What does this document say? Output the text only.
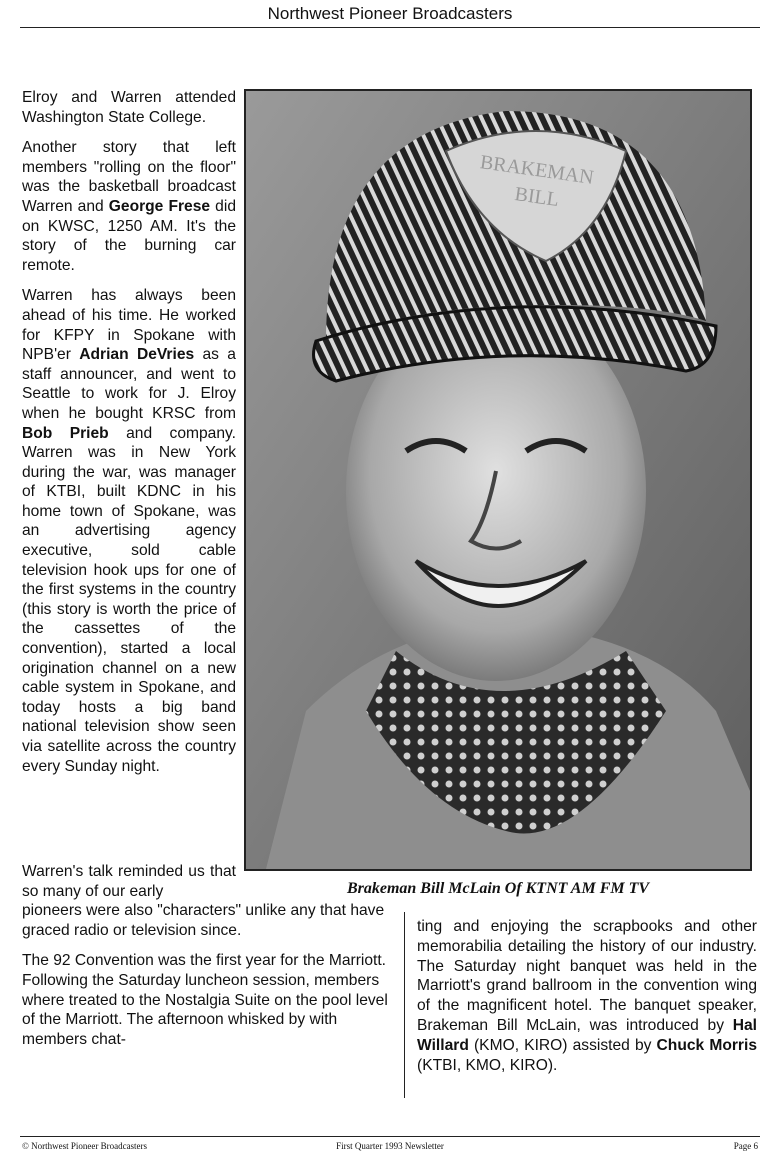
Northwest Pioneer Broadcasters

Elroy and Warren attended Washington State College.

Another story that left members "rolling on the floor" was the basketball broadcast Warren and George Frese did on KWSC, 1250 AM. It's the story of the burning car remote.

Warren has always been ahead of his time. He worked for KFPY in Spokane with NPB'er Adrian DeVries as a staff announcer, and went to Seattle to work for J. Elroy when he bought KRSC from Bob Prieb and company. Warren was in New York during the war, was manager of KTBI, built KDNC in his home town of Spokane, was an advertising agency executive, sold cable television hook ups for one of the first systems in the country (this story is worth the price of the cassettes of the convention), started a local origination channel on a new cable system in Spokane, and today hosts a big band national television show seen via satellite across the country every Sunday night.

Warren's talk reminded us that so many of our early
pioneers were also "characters" unlike any that have graced radio or television since.

The 92 Convention was the first year for the Marriott. Following the Saturday luncheon session, members where treated to the Nostalgia Suite on the pool level of the Marriott. The afternoon whisked by with members chat-

BRAKEMAN
BILL
Brakeman Bill McLain Of KTNT AM FM TV

ting and enjoying the scrapbooks and other memorabilia detailing the history of our industry. The Saturday night banquet was held in the Marriott's grand ballroom in the convention wing of the magnificent hotel. The banquet speaker, Brakeman Bill McLain, was introduced by Hal Willard (KMO, KIRO) assisted by Chuck Morris (KTBI, KMO, KIRO).

© Northwest Pioneer Broadcasters	First Quarter 1993 Newsletter	Page 6
